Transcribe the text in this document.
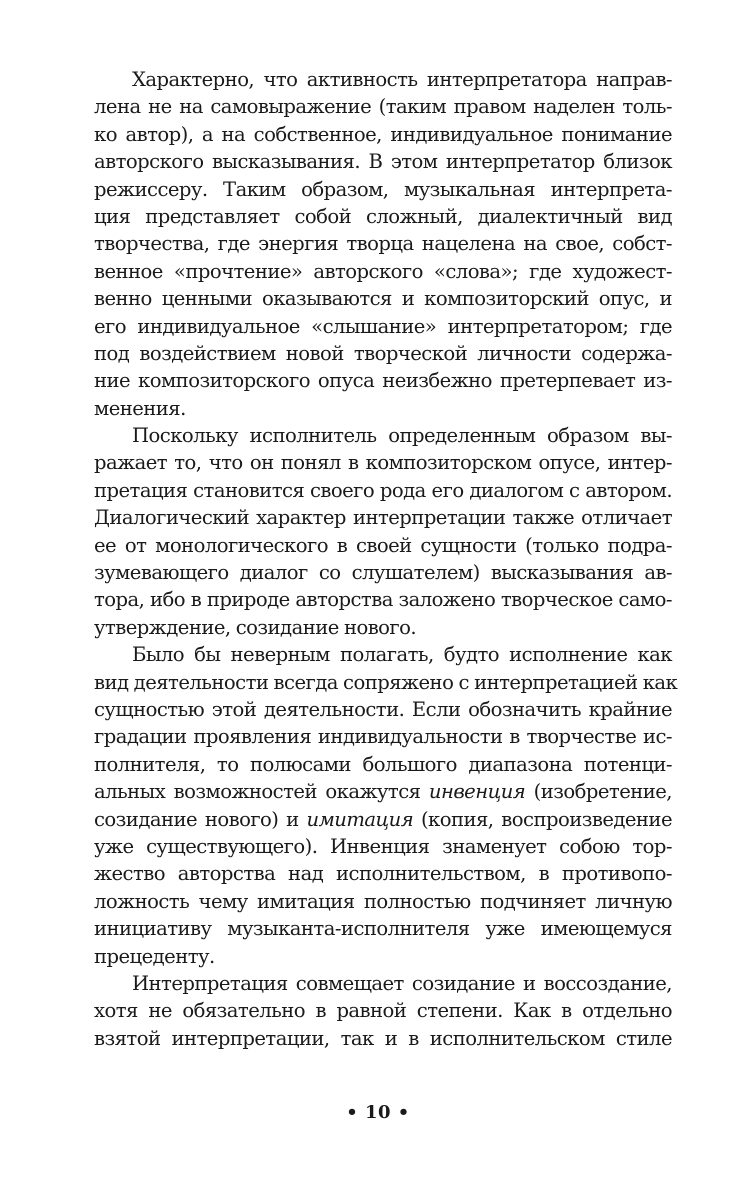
Характерно, что активность интерпретатора направ-
лена не на самовыражение (таким правом наделен толь-
ко автор), а на собственное, индивидуальное понимание
авторского высказывания. В этом интерпретатор близок
режиссеру. Таким образом, музыкальная интерпрета-
ция представляет собой сложный, диалектичный вид
творчества, где энергия творца нацелена на свое, собст-
венное «прочтение» авторского «слова»; где художест-
венно ценными оказываются и композиторский опус, и
его индивидуальное «слышание» интерпретатором; где
под воздействием новой творческой личности содержа-
ние композиторского опуса неизбежно претерпевает из-
менения.
Поскольку исполнитель определенным образом вы-
ражает то, что он понял в композиторском опусе, интер-
претация становится своего рода его диалогом с автором.
Диалогический характер интерпретации также отличает
ее от монологического в своей сущности (только подра-
зумевающего диалог со слушателем) высказывания ав-
тора, ибо в природе авторства заложено творческое само-
утверждение, созидание нового.
Было бы неверным полагать, будто исполнение как
вид деятельности всегда сопряжено с интерпретацией как
сущностью этой деятельности. Если обозначить крайние
градации проявления индивидуальности в творчестве ис-
полнителя, то полюсами большого диапазона потенци-
альных возможностей окажутся инвенция (изобретение,
созидание нового) и имитация (копия, воспроизведение
уже существующего). Инвенция знаменует собою тор-
жество авторства над исполнительством, в противопо-
ложность чему имитация полностью подчиняет личную
инициативу музыканта-исполнителя уже имеющемуся
прецеденту.
Интерпретация совмещает созидание и воссоздание,
хотя не обязательно в равной степени. Как в отдельно
взятой интерпретации, так и в исполнительском стиле
• 10 •
